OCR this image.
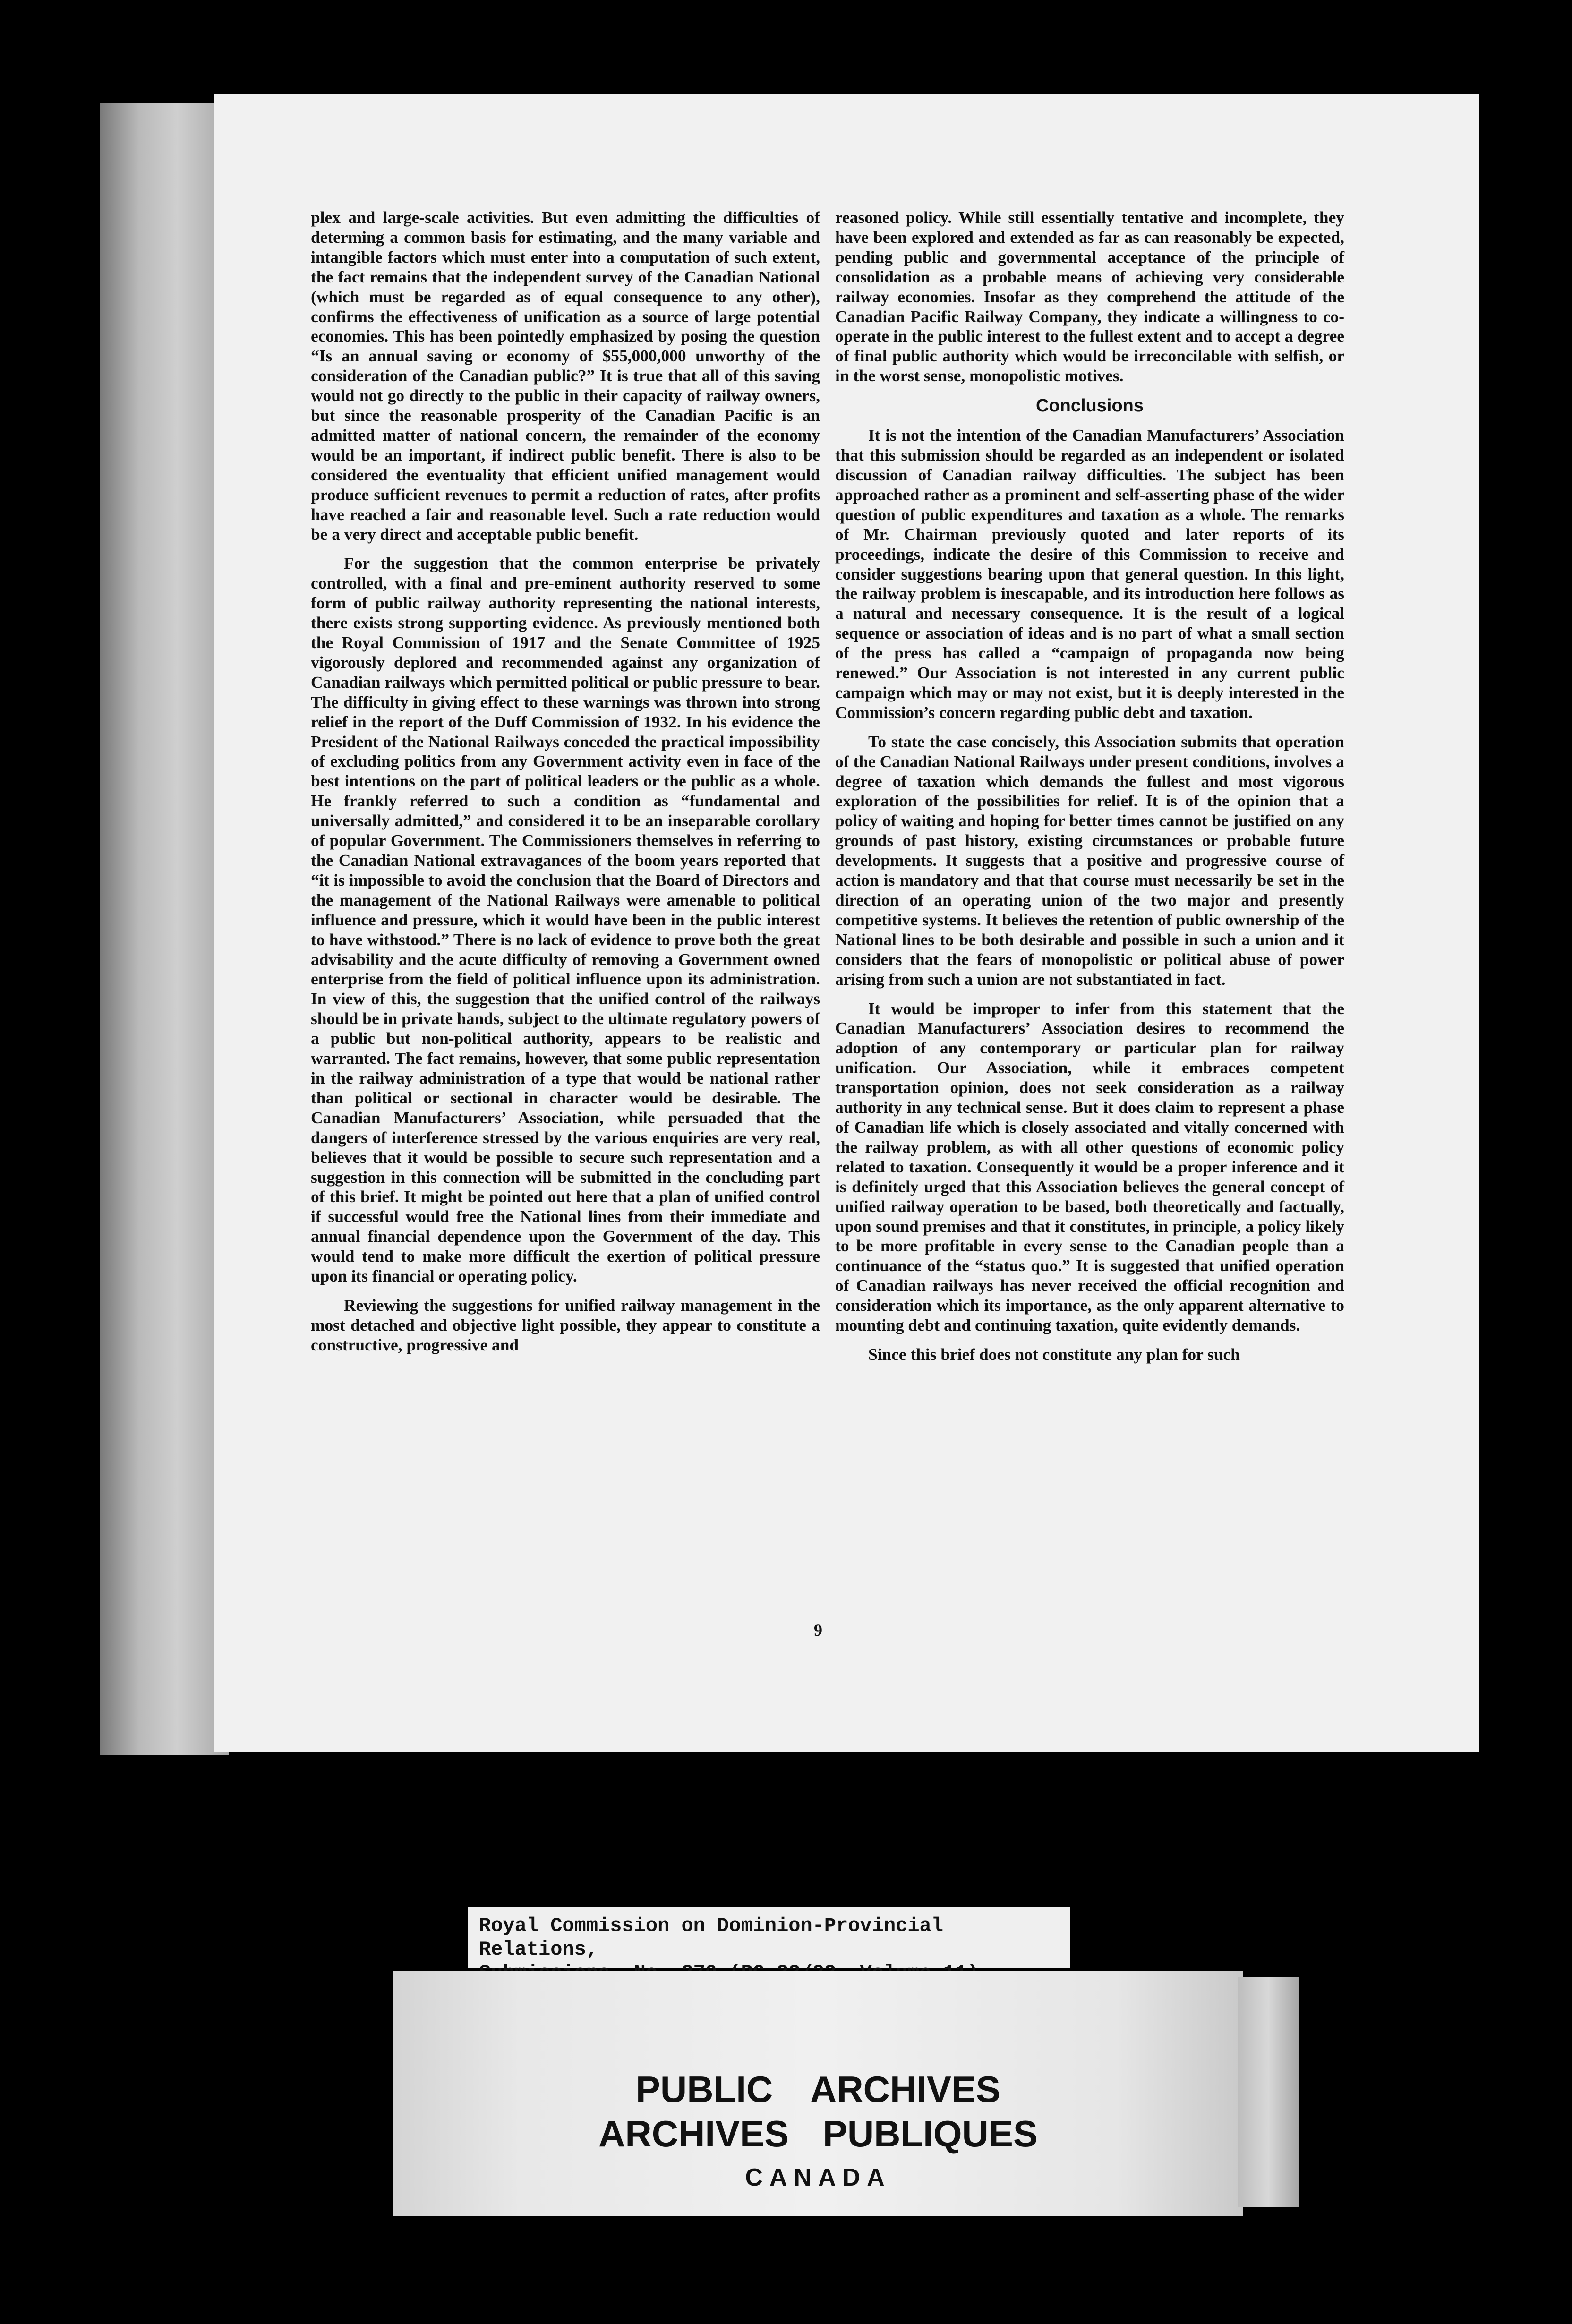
plex and large-scale activities. But even admitting the difficulties of determing a common basis for estimating, and the many variable and intangible factors which must enter into a computation of such extent, the fact remains that the independent survey of the Canadian National (which must be regarded as of equal consequence to any other), confirms the effectiveness of unification as a source of large potential economies. This has been pointedly emphasized by posing the question “Is an annual saving or economy of $55,000,000 unworthy of the consideration of the Canadian public?” It is true that all of this saving would not go directly to the public in their capacity of railway owners, but since the reasonable prosperity of the Canadian Pacific is an admitted matter of national concern, the remainder of the economy would be an important, if indirect public benefit. There is also to be considered the eventuality that efficient unified management would produce sufficient revenues to permit a reduction of rates, after profits have reached a fair and reasonable level. Such a rate reduction would be a very direct and acceptable public benefit.

For the suggestion that the common enterprise be privately controlled, with a final and pre-eminent authority reserved to some form of public railway authority representing the national interests, there exists strong supporting evidence. As previously mentioned both the Royal Commission of 1917 and the Senate Committee of 1925 vigorously deplored and recommended against any organization of Canadian railways which permitted political or public pressure to bear. The difficulty in giving effect to these warnings was thrown into strong relief in the report of the Duff Commission of 1932. In his evidence the President of the National Railways conceded the practical impossibility of excluding politics from any Government activity even in face of the best intentions on the part of political leaders or the public as a whole. He frankly referred to such a condition as “fundamental and universally admitted,” and considered it to be an inseparable corollary of popular Government. The Commissioners themselves in referring to the Canadian National extravagances of the boom years reported that “it is impossible to avoid the conclusion that the Board of Directors and the management of the National Railways were amenable to political influence and pressure, which it would have been in the public interest to have withstood.” There is no lack of evidence to prove both the great advisability and the acute difficulty of removing a Government owned enterprise from the field of political influence upon its administration. In view of this, the suggestion that the unified control of the railways should be in private hands, subject to the ultimate regulatory powers of a public but non-political authority, appears to be realistic and warranted. The fact remains, however, that some public representation in the railway administration of a type that would be national rather than political or sectional in character would be desirable. The Canadian Manufacturers’ Association, while persuaded that the dangers of interference stressed by the various enquiries are very real, believes that it would be possible to secure such representation and a suggestion in this connection will be submitted in the concluding part of this brief. It might be pointed out here that a plan of unified control if successful would free the National lines from their immediate and annual financial dependence upon the Government of the day. This would tend to make more difficult the exertion of political pressure upon its financial or operating policy.

Reviewing the suggestions for unified railway management in the most detached and objective light possible, they appear to constitute a constructive, progressive and

reasoned policy. While still essentially tentative and incomplete, they have been explored and extended as far as can reasonably be expected, pending public and governmental acceptance of the principle of consolidation as a probable means of achieving very considerable railway economies. Insofar as they comprehend the attitude of the Canadian Pacific Railway Company, they indicate a willingness to co-operate in the public interest to the fullest extent and to accept a degree of final public authority which would be irreconcilable with selfish, or in the worst sense, monopolistic motives.

Conclusions

It is not the intention of the Canadian Manufacturers’ Association that this submission should be regarded as an independent or isolated discussion of Canadian railway difficulties. The subject has been approached rather as a prominent and self-asserting phase of the wider question of public expenditures and taxation as a whole. The remarks of Mr. Chairman previously quoted and later reports of its proceedings, indicate the desire of this Commission to receive and consider suggestions bearing upon that general question. In this light, the railway problem is inescapable, and its introduction here follows as a natural and necessary consequence. It is the result of a logical sequence or association of ideas and is no part of what a small section of the press has called a “campaign of propaganda now being renewed.” Our Association is not interested in any current public campaign which may or may not exist, but it is deeply interested in the Commission’s concern regarding public debt and taxation.

To state the case concisely, this Association submits that operation of the Canadian National Railways under present conditions, involves a degree of taxation which demands the fullest and most vigorous exploration of the possibilities for relief. It is of the opinion that a policy of waiting and hoping for better times cannot be justified on any grounds of past history, existing circumstances or probable future developments. It suggests that a positive and progressive course of action is mandatory and that that course must necessarily be set in the direction of an operating union of the two major and presently competitive systems. It believes the retention of public ownership of the National lines to be both desirable and possible in such a union and it considers that the fears of monopolistic or political abuse of power arising from such a union are not substantiated in fact.

It would be improper to infer from this statement that the Canadian Manufacturers’ Association desires to recommend the adoption of any contemporary or particular plan for railway unification. Our Association, while it embraces competent transportation opinion, does not seek consideration as a railway authority in any technical sense. But it does claim to represent a phase of Canadian life which is closely associated and vitally concerned with the railway problem, as with all other questions of economic policy related to taxation. Consequently it would be a proper inference and it is definitely urged that this Association believes the general concept of unified railway operation to be based, both theoretically and factually, upon sound premises and that it constitutes, in principle, a policy likely to be more profitable in every sense to the Canadian people than a continuance of the “status quo.” It is suggested that unified operation of Canadian railways has never received the official recognition and consideration which its importance, as the only apparent alternative to mounting debt and continuing taxation, quite evidently demands.

Since this brief does not constitute any plan for such

9
Royal Commission on Dominion-Provincial Relations,
PUBLIC ARCHIVES
ARCHIVES PUBLIQUES
CANADA
